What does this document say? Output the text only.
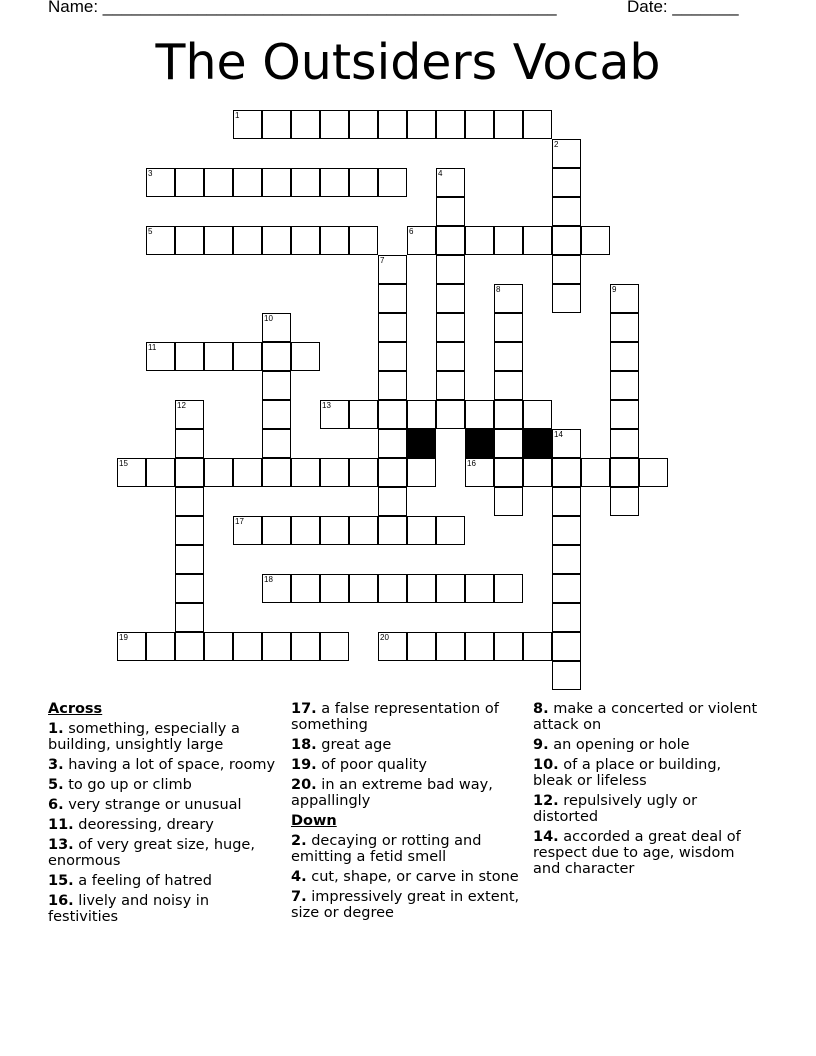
Name: ________________________________________________	Date: _______
The Outsiders Vocab
1
2
3	4
5	6
7
8	9
10
11
12	13
14
15	16
17
18
19	20
Across
1. something, especially a building, unsightly large
3. having a lot of space, roomy
5. to go up or climb
6. very strange or unusual
11. deoressing, dreary
13. of very great size, huge, enormous
15. a feeling of hatred
16. lively and noisy in festivities
17. a false representation of something
18. great age
19. of poor quality
20. in an extreme bad way, appallingly
Down
2. decaying or rotting and emitting a fetid smell
4. cut, shape, or carve in stone
7. impressively great in extent, size or degree
8. make a concerted or violent attack on
9. an opening or hole
10. of a place or building, bleak or lifeless
12. repulsively ugly or distorted
14. accorded a great deal of respect due to age, wisdom and character
